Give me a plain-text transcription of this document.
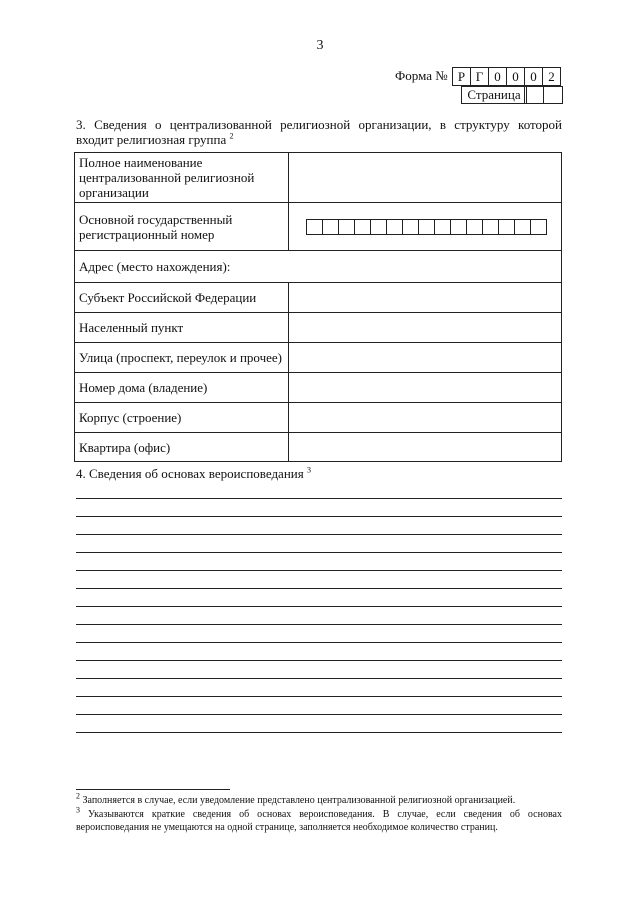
3
Форма № Р Г 0 0 0 2
Страница
3. Сведения о централизованной религиозной организации, в структуру которой входит религиозная группа $^2$
Полное наименование централизованной религиозной организации	
Основной государственный регистрационный номер	

Адрес (место нахождения):	
Субъект Российской Федерации	
Населенный пункт	
Улица (проспект, переулок и прочее)	
Номер дома (владение)	
Корпус (строение)	
Квартира (офис)	
4. Сведения об основах вероисповедания $^3$
$^2$ Заполняется в случае, если уведомление представлено централизованной религиозной организацией.
$^3$ Указываются краткие сведения об основах вероисповедания. В случае, если сведения об основах вероисповедания не умещаются на одной странице, заполняется необходимое количество страниц.
